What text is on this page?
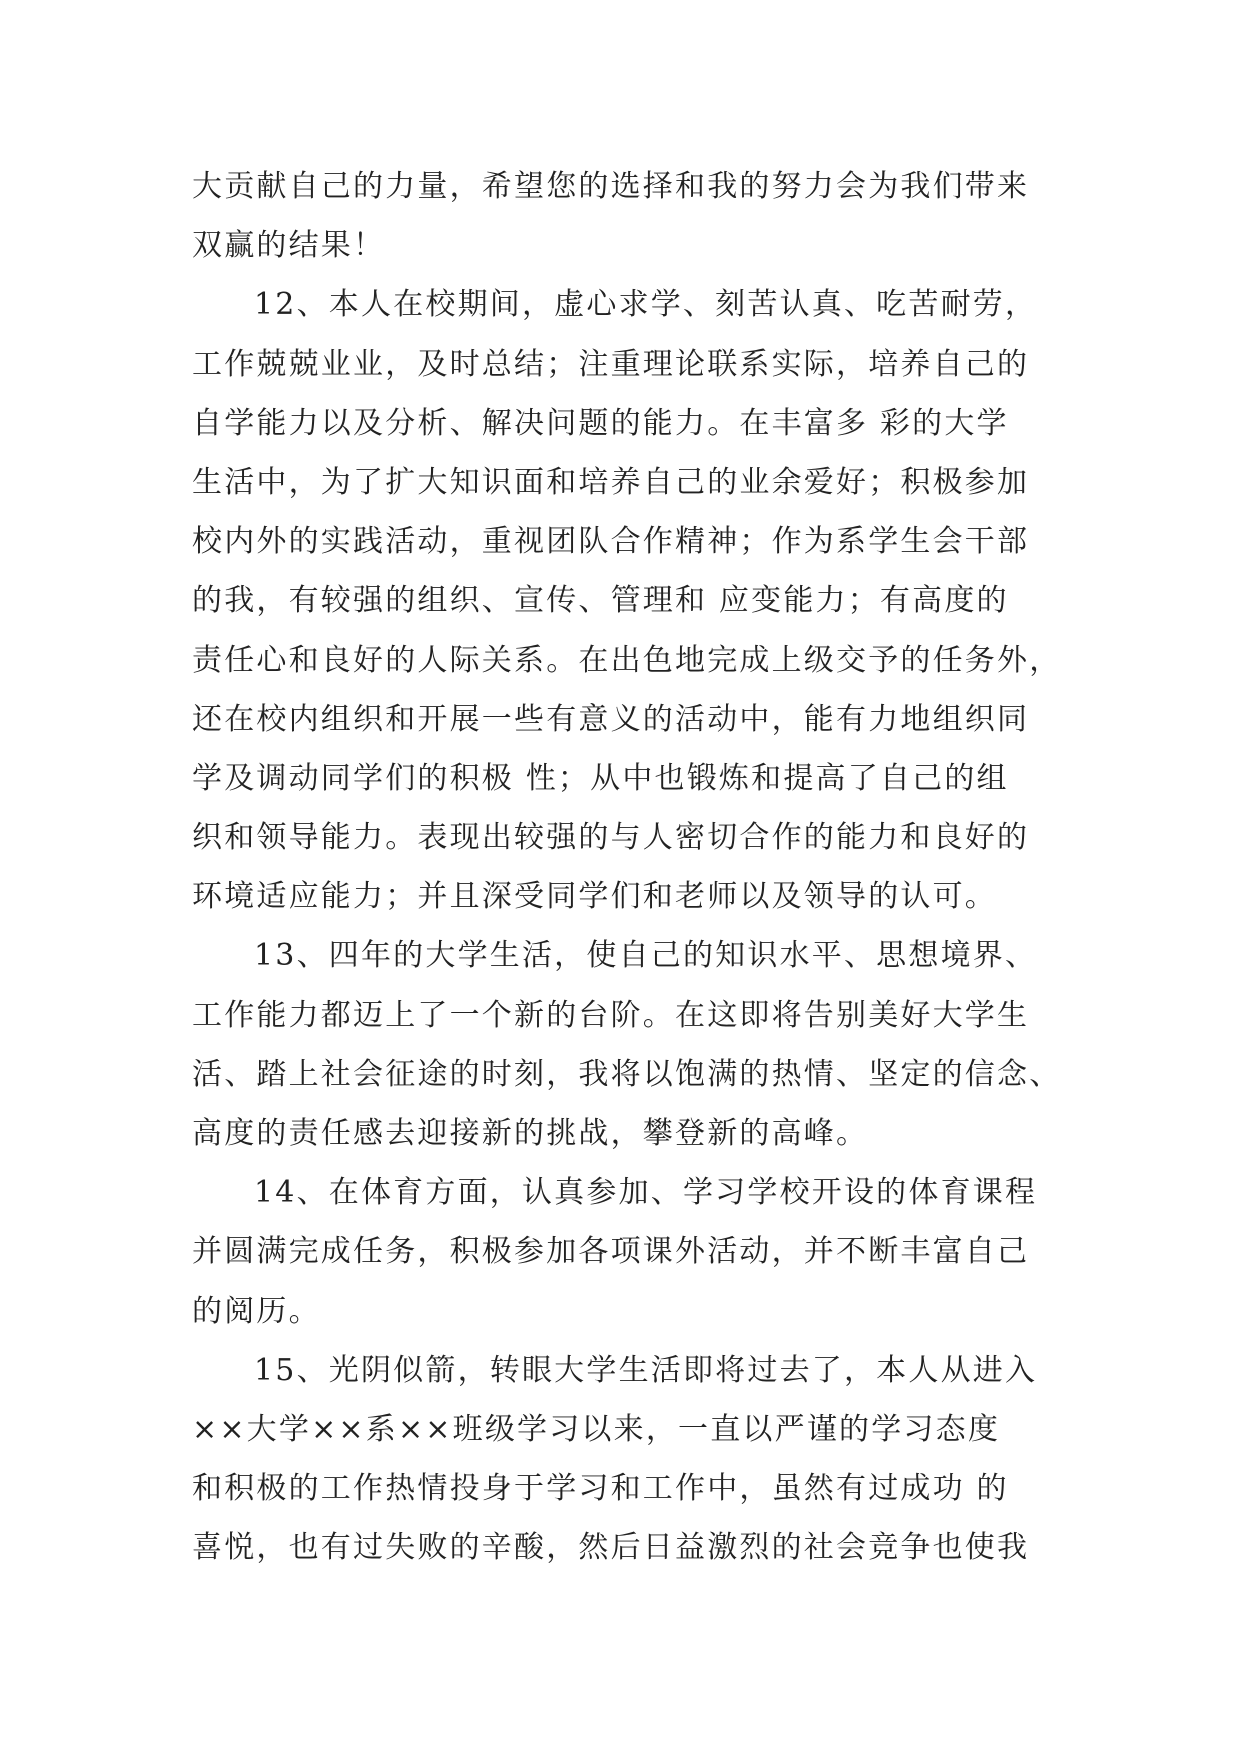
大贡献自己的力量，希望您的选择和我的努力会为我们带来
双赢的结果！
12、本人在校期间，虚心求学、刻苦认真、吃苦耐劳，
工作兢兢业业，及时总结；注重理论联系实际，培养自己的
自学能力以及分析、解决问题的能力。在丰富多 彩的大学
生活中，为了扩大知识面和培养自己的业余爱好；积极参加
校内外的实践活动，重视团队合作精神；作为系学生会干部
的我，有较强的组织、宣传、管理和 应变能力；有高度的
责任心和良好的人际关系。在出色地完成上级交予的任务外，
还在校内组织和开展一些有意义的活动中，能有力地组织同
学及调动同学们的积极 性；从中也锻炼和提高了自己的组
织和领导能力。表现出较强的与人密切合作的能力和良好的
环境适应能力；并且深受同学们和老师以及领导的认可。
13、四年的大学生活，使自己的知识水平、思想境界、
工作能力都迈上了一个新的台阶。在这即将告别美好大学生
活、踏上社会征途的时刻，我将以饱满的热情、坚定的信念、
高度的责任感去迎接新的挑战，攀登新的高峰。
14、在体育方面，认真参加、学习学校开设的体育课程
并圆满完成任务，积极参加各项课外活动，并不断丰富自己
的阅历。
15、光阴似箭，转眼大学生活即将过去了，本人从进入
××大学××系××班级学习以来，一直以严谨的学习态度
和积极的工作热情投身于学习和工作中，虽然有过成功 的
喜悦，也有过失败的辛酸，然后日益激烈的社会竞争也使我
